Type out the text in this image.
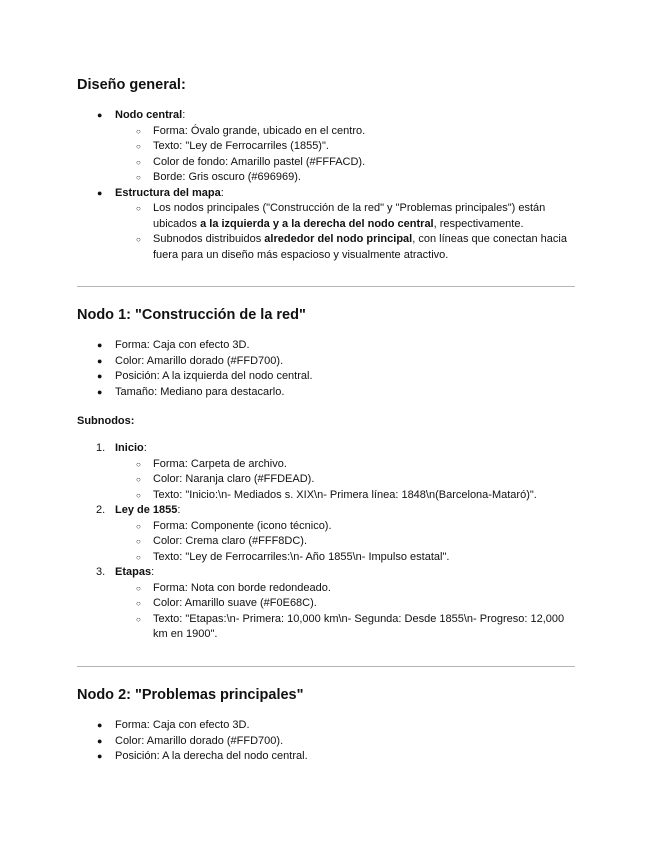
Diseño general:
● Nodo central:
○ Forma: Óvalo grande, ubicado en el centro.
○ Texto: "Ley de Ferrocarriles (1855)".
○ Color de fondo: Amarillo pastel (#FFFACD).
○ Borde: Gris oscuro (#696969).
● Estructura del mapa:
○ Los nodos principales ("Construcción de la red" y "Problemas principales") están ubicados a la izquierda y a la derecha del nodo central, respectivamente.
○ Subnodos distribuidos alrededor del nodo principal, con líneas que conectan hacia fuera para un diseño más espacioso y visualmente atractivo.
Nodo 1: "Construcción de la red"
● Forma: Caja con efecto 3D.
● Color: Amarillo dorado (#FFD700).
● Posición: A la izquierda del nodo central.
● Tamaño: Mediano para destacarlo.
Subnodos:
1. Inicio:
○ Forma: Carpeta de archivo.
○ Color: Naranja claro (#FFDEAD).
○ Texto: "Inicio:\n- Mediados s. XIX\n- Primera línea: 1848\n(Barcelona-Mataró)".
2. Ley de 1855:
○ Forma: Componente (icono técnico).
○ Color: Crema claro (#FFF8DC).
○ Texto: "Ley de Ferrocarriles:\n- Año 1855\n- Impulso estatal".
3. Etapas:
○ Forma: Nota con borde redondeado.
○ Color: Amarillo suave (#F0E68C).
○ Texto: "Etapas:\n- Primera: 10,000 km\n- Segunda: Desde 1855\n- Progreso: 12,000 km en 1900".
Nodo 2: "Problemas principales"
● Forma: Caja con efecto 3D.
● Color: Amarillo dorado (#FFD700).
● Posición: A la derecha del nodo central.
